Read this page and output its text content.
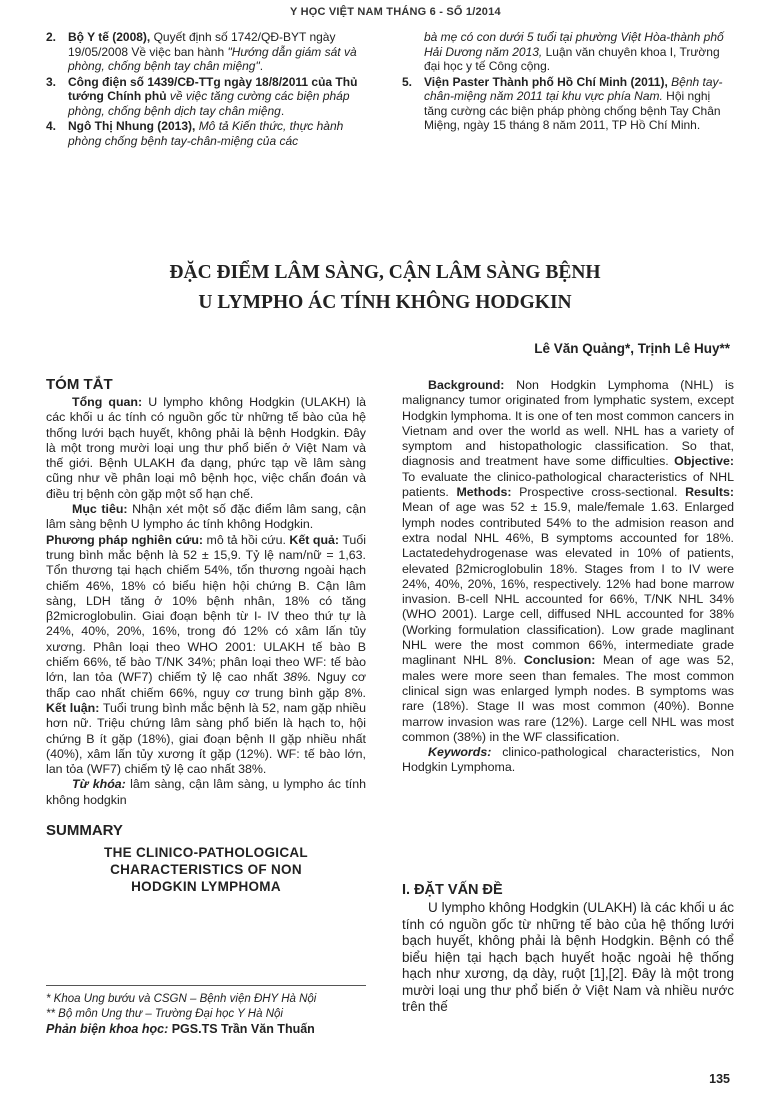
Y HỌC VIỆT NAM THÁNG 6 - SỐ 1/2014
2. Bộ Y tế (2008), Quyết định số 1742/QĐ-BYT ngày 19/05/2008 Về việc ban hành "Hướng dẫn giám sát và phòng, chống bệnh tay chân miệng".
3. Công điện số 1439/CĐ-TTg ngày 18/8/2011 của Thủ tướng Chính phủ về việc tăng cường các biện pháp phòng, chống bệnh dịch tay chân miệng.
4. Ngô Thị Nhung (2013), Mô tả Kiến thức, thực hành phòng chống bệnh tay-chân-miệng của các
bà mẹ có con dưới 5 tuổi tại phường Việt Hòa-thành phố Hải Dương năm 2013, Luận văn chuyên khoa I, Trường đại học y tế Công cộng.
5. Viện Paster Thành phố Hồ Chí Minh (2011), Bệnh tay-chân-miệng năm 2011 tại khu vực phía Nam. Hội nghị tăng cường các biện pháp phòng chống bệnh Tay Chân Miệng, ngày 15 tháng 8 năm 2011, TP Hồ Chí Minh.
ĐẶC ĐIỂM LÂM SÀNG, CẬN LÂM SÀNG BỆNH
U LYMPHO ÁC TÍNH KHÔNG HODGKIN
Lê Văn Quảng*, Trịnh Lê Huy**
TÓM TẮT

Tổng quan: U lympho không Hodgkin (ULAKH) là các khối u ác tính có nguồn gốc từ những tế bào của hệ thống lưới bạch huyết, không phải là bệnh Hodgkin. Đây là một trong mười loại ung thư phổ biến ở Việt Nam và thế giới. Bệnh ULAKH đa dạng, phức tạp về lâm sàng cũng như về phân loại mô bệnh học, việc chẩn đoán và điều trị bệnh còn gặp một số hạn chế.

Mục tiêu: Nhận xét một số đặc điểm lâm sang, cận lâm sàng bệnh U lympho ác tính không Hodgkin.

Phương pháp nghiên cứu: mô tả hồi cứu. Kết quả: Tuổi trung bình mắc bệnh là 52 ± 15,9. Tỷ lệ nam/nữ = 1,63. Tổn thương tại hạch chiếm 54%, tổn thương ngoài hạch chiếm 46%, 18% có biểu hiện hội chứng B. Cận lâm sàng, LDH tăng ở 10% bệnh nhân, 18% có tăng β2microglobulin. Giai đoạn bệnh từ I- IV theo thứ tự là 24%, 40%, 20%, 16%, trong đó 12% có xâm lấn tủy xương. Phân loại theo WHO 2001: ULAKH tế bào B chiếm 66%, tế bào T/NK 34%; phân loại theo WF: tế bào lớn, lan tỏa (WF7) chiếm tỷ lệ cao nhất 38%. Nguy cơ thấp cao nhất chiếm 66%, nguy cơ trung bình gặp 8%. Kết luận: Tuổi trung bình mắc bệnh là 52, nam gặp nhiều hơn nữ. Triệu chứng lâm sàng phổ biến là hạch to, hội chứng B ít gặp (18%), giai đoạn bệnh II gặp nhiều nhất (40%), xâm lấn tủy xương ít gặp (12%). WF: tế bào lớn, lan tỏa (WF7) chiếm tỷ lệ cao nhất 38%.

Từ khóa: lâm sàng, cận lâm sàng, u lympho ác tính không hodgkin

SUMMARY
THE CLINICO-PATHOLOGICAL
CHARACTERISTICS OF NON
HODGKIN LYMPHOMA
* Khoa Ung bướu và CSGN – Bệnh viện ĐHY Hà Nội
** Bộ môn Ung thư – Trường Đại học Y Hà Nội
Phản biện khoa học: PGS.TS Trần Văn Thuấn

Background: Non Hodgkin Lymphoma (NHL) is malignancy tumor originated from lymphatic system, except Hodgkin lymphoma. It is one of ten most common cancers in Vietnam and over the world as well. NHL has a variety of symptom and histopathologic classification. So that, diagnosis and treatment have some difficulties. Objective: To evaluate the clinico-pathological characteristics of NHL patients. Methods: Prospective cross-sectional. Results: Mean of age was 52 ± 15.9, male/female 1.63. Enlarged lymph nodes contributed 54% to the admision reason and extra nodal NHL 46%, B symptoms accounted for 18%. Lactatedehydrogenase was elevated in 10% of patients, elevated β2microglobulin 18%. Stages from I to IV were 24%, 40%, 20%, 16%, respectively. 12% had bone marrow invasion. B-cell NHL accounted for 66%, T/NK NHL 34% (WHO 2001). Large cell, diffused NHL accounted for 38% (Working formulation classification). Low grade maglinant NHL were the most common 66%, intermediate grade maglinant NHL 8%. Conclusion: Mean of age was 52, males were more seen than females. The most common clinical sign was enlarged lymph nodes. B symptoms was rare (18%). Stage II was most common (40%). Bonne marrow invasion was rare (12%). Large cell NHL was most common (38%) in the WF classification.

Keywords: clinico-pathological characteristics, Non Hodgkin Lymphoma.

I. ĐẶT VẤN ĐỀ

U lympho không Hodgkin (ULAKH) là các khối u ác tính có nguồn gốc từ những tế bào của hệ thống lưới bạch huyết, không phải là bệnh Hodgkin. Bệnh có thể biểu hiện tại hạch bạch huyết hoặc ngoài hệ thống hạch như xương, dạ dày, ruột [1],[2]. Đây là một trong mười loại ung thư phổ biến ở Việt Nam và nhiều nước trên thế

135
